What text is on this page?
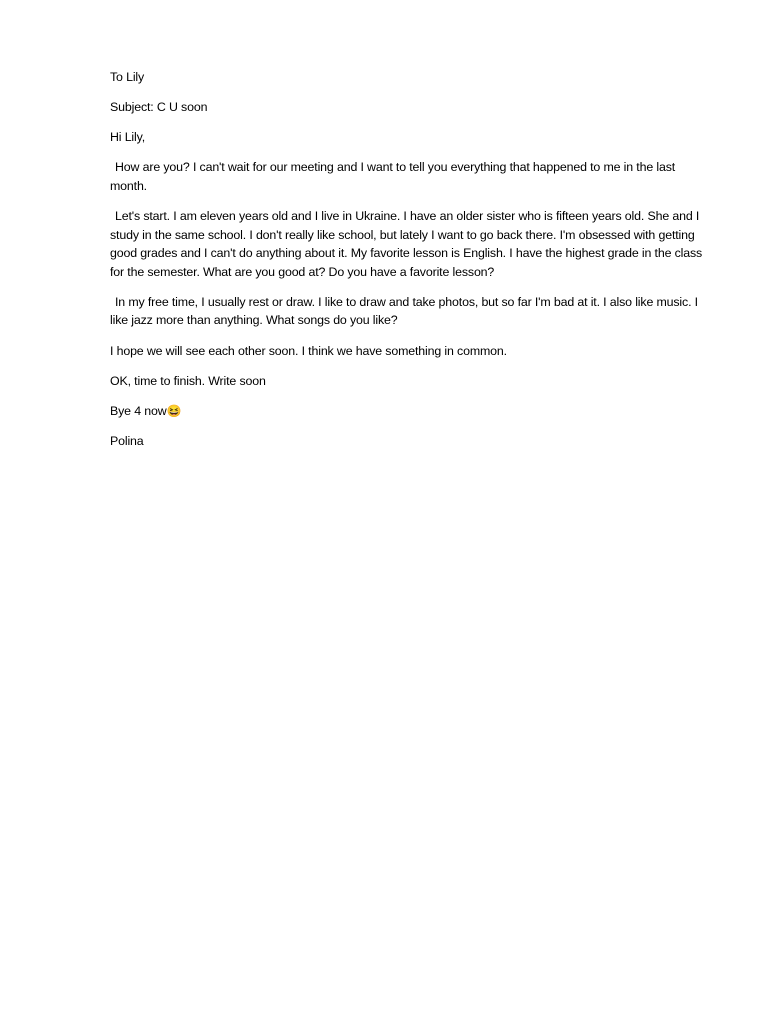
To Lily

Subject: C U soon

Hi Lily,

How are you? I can't wait for our meeting and I want to tell you everything that happened to me in the last month.

Let's start. I am eleven years old and I live in Ukraine. I have an older sister who is fifteen years old. She and I study in the same school. I don't really like school, but lately I want to go back there. I'm obsessed with getting good grades and I can't do anything about it. My favorite lesson is English. I have the highest grade in the class for the semester. What are you good at? Do you have a favorite lesson?

In my free time, I usually rest or draw. I like to draw and take photos, but so far I'm bad at it. I also like music. I like jazz more than anything. What songs do you like?

I hope we will see each other soon. I think we have something in common.

OK, time to finish. Write soon

Bye 4 now😆

Polina
